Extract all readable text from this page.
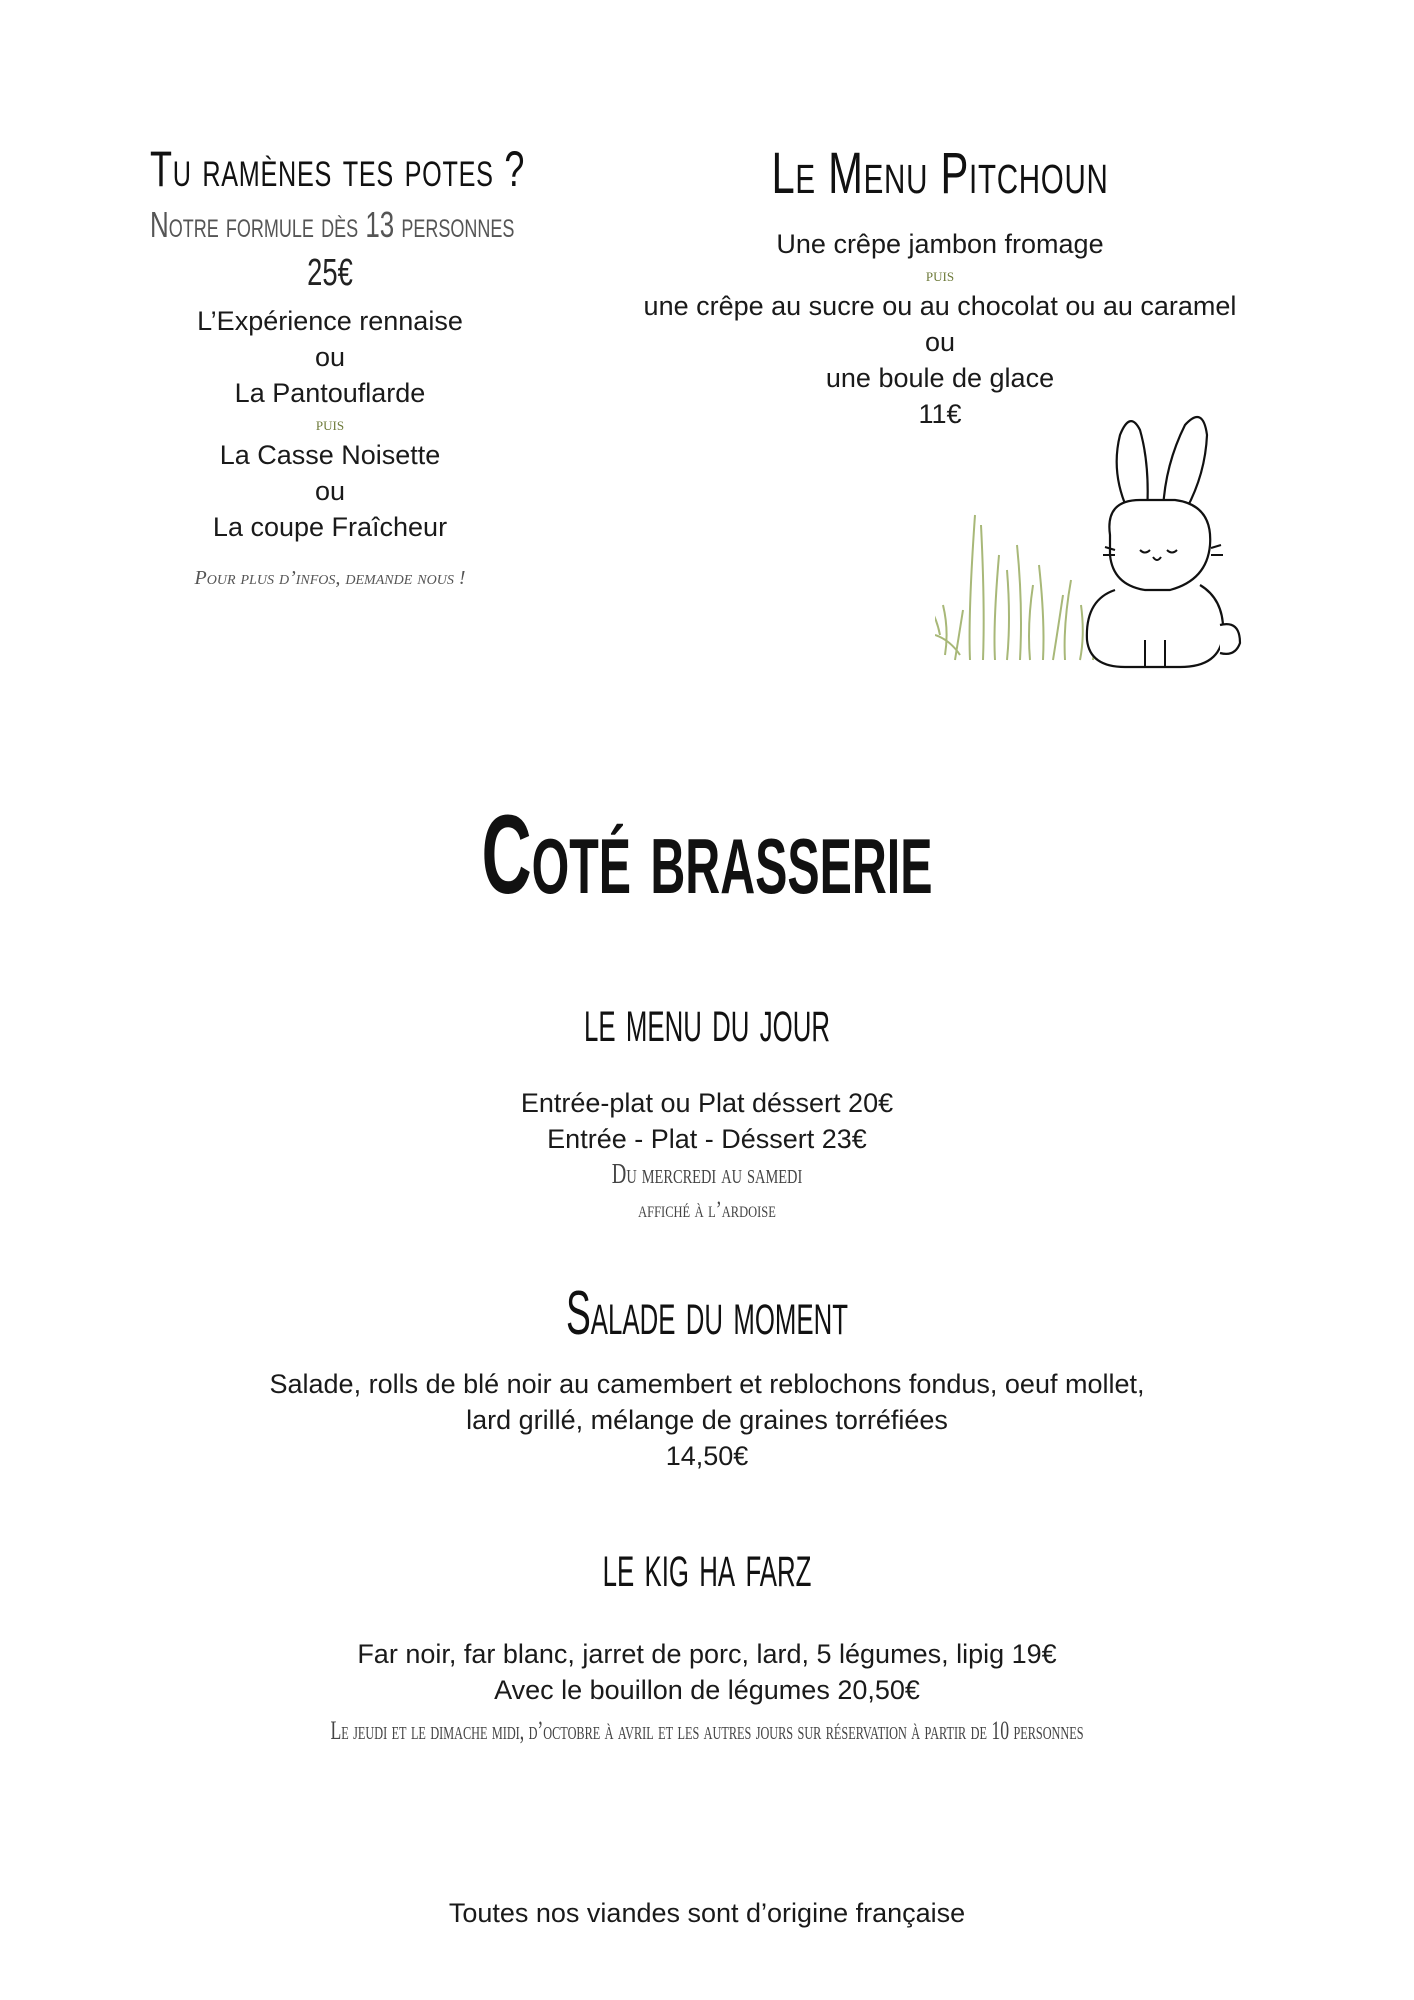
Tu ramènes tes potes ?
Notre formule dès 13 personnes
25€
L’Expérience rennaise
ou
La Pantouflarde
puis
La Casse Noisette
ou
La coupe Fraîcheur
Pour plus d’infos, demande nous !
Le Menu Pitchoun
Une crêpe jambon fromage
puis
une crêpe au sucre ou au chocolat ou au caramel
ou
une boule de glace
11€
Coté brasserie
le menu du jour
Entrée-plat ou Plat déssert 20€
Entrée - Plat - Déssert 23€
Du mercredi au samedi
affiché à l’ardoise
Salade du moment
Salade, rolls de blé noir au camembert et reblochons fondus, oeuf mollet,
lard grillé, mélange de graines torréfiées
14,50€
le kig ha farz
Far noir, far blanc, jarret de porc, lard, 5 légumes, lipig 19€
Avec le bouillon de légumes 20,50€
Le jeudi et le dimache midi, d’octobre à avril et les autres jours sur réservation à partir de 10 personnes
Toutes nos viandes sont d’origine française
